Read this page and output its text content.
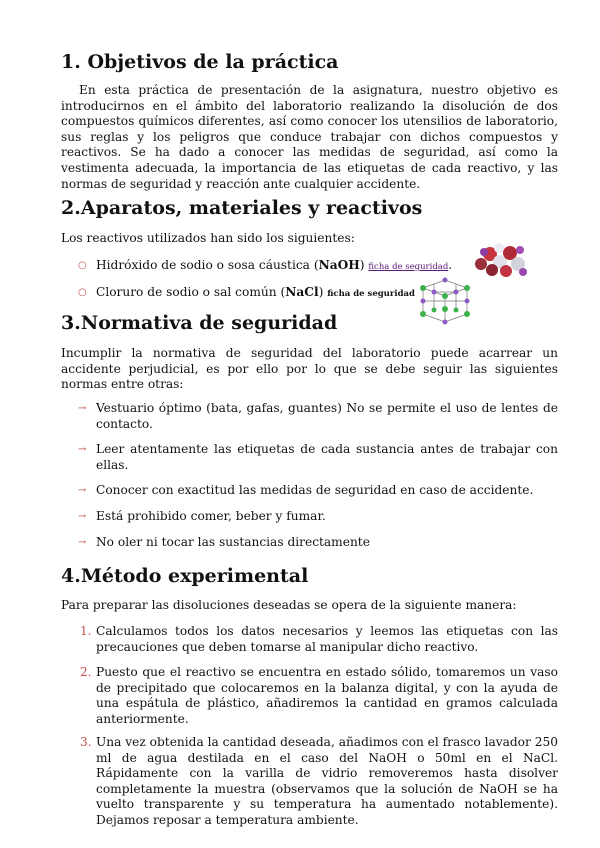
1. Objetivos de la práctica
En esta práctica de presentación de la asignatura, nuestro objetivo es introducirnos en el ámbito del laboratorio realizando la disolución de dos compuestos químicos diferentes, así como conocer los utensilios de laboratorio, sus reglas y los peligros que conduce trabajar con dichos compuestos y reactivos. Se ha dado a conocer las medidas de seguridad, así como la vestimenta adecuada, la importancia de las etiquetas de cada reactivo, y las normas de seguridad y reacción ante cualquier accidente.
2.Aparatos, materiales y reactivos

Los reactivos utilizados han sido los siguientes:

○ Hidróxido de sodio o sosa cáustica (NaOH) ficha de seguridad.
○ Cloruro de sodio o sal común (NaCl) ficha de seguridad
3.Normativa de seguridad
Incumplir la normativa de seguridad del laboratorio puede acarrear un accidente perjudicial, es por ello por lo que se debe seguir las siguientes normas entre otras:
→ Vestuario óptimo (bata, gafas, guantes) No se permite el uso de lentes de contacto.
→ Leer atentamente las etiquetas de cada sustancia antes de trabajar con ellas.
→ Conocer con exactitud las medidas de seguridad en caso de accidente.
→ Está prohibido comer, beber y fumar.
→ No oler ni tocar las sustancias directamente
4.Método experimental

Para preparar las disoluciones deseadas se opera de la siguiente manera:

1. Calculamos todos los datos necesarios y leemos las etiquetas con las precauciones que deben tomarse al manipular dicho reactivo.
2. Puesto que el reactivo se encuentra en estado sólido, tomaremos un vaso de precipitado que colocaremos en la balanza digital, y con la ayuda de una espátula de plástico, añadiremos la cantidad en gramos calculada anteriormente.
3. Una vez obtenida la cantidad deseada, añadimos con el frasco lavador 250 ml de agua destilada en el caso del NaOH o 50ml en el NaCl. Rápidamente con la varilla de vidrio removeremos hasta disolver completamente la muestra (observamos que la solución de NaOH se ha vuelto transparente y su temperatura ha aumentado notablemente). Dejamos reposar a temperatura ambiente.
